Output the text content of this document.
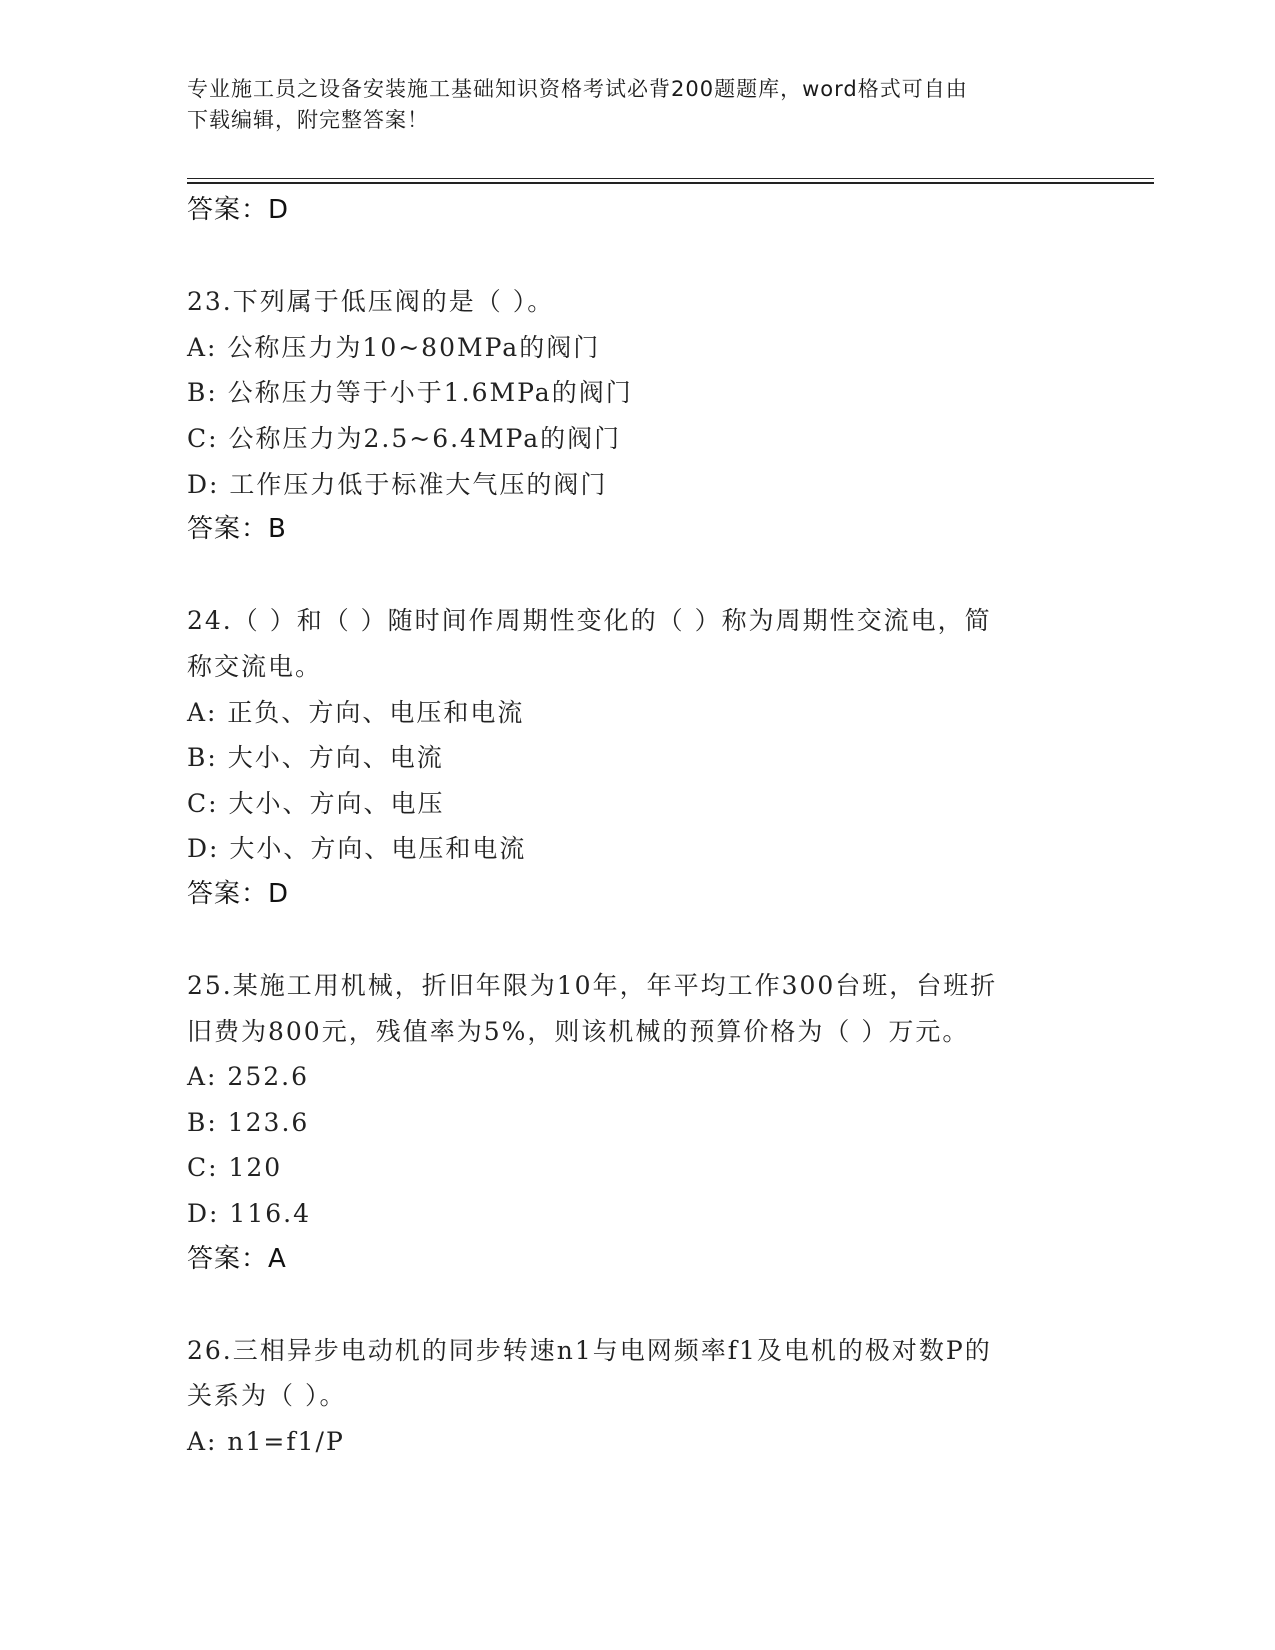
专业施工员之设备安装施工基础知识资格考试必背200题题库，word格式可自由
下载编辑，附完整答案！
答案：D
23.下列属于低压阀的是（ ）。
A: 公称压力为10~80MPa的阀门
B: 公称压力等于小于1.6MPa的阀门
C: 公称压力为2.5~6.4MPa的阀门
D: 工作压力低于标准大气压的阀门
答案：B
24.（ ）和（ ）随时间作周期性变化的（ ）称为周期性交流电，简
称交流电。
A: 正负、方向、电压和电流
B: 大小、方向、电流
C: 大小、方向、电压
D: 大小、方向、电压和电流
答案：D
25.某施工用机械，折旧年限为10年，年平均工作300台班，台班折
旧费为800元，残值率为5%，则该机械的预算价格为（ ）万元。
A: 252.6
B: 123.6
C: 120
D: 116.4
答案：A
26.三相异步电动机的同步转速n1与电网频率f1及电机的极对数P的
关系为（ ）。
A: n1=f1/P
